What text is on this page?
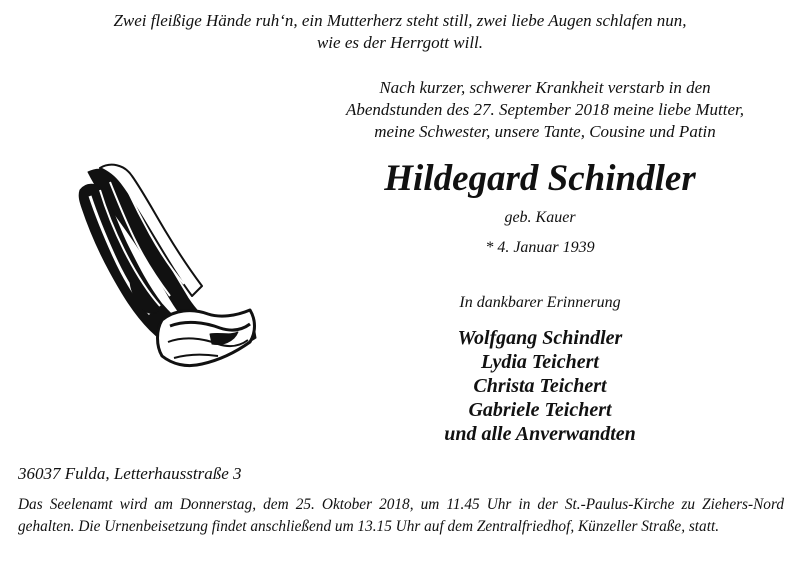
Zwei fleißige Hände ruh‘n, ein Mutterherz steht still, zwei liebe Augen schlafen nun,
wie es der Herrgott will.
Nach kurzer, schwerer Krankheit verstarb in den
Abendstunden des 27. September 2018 meine liebe Mutter,
meine Schwester, unsere Tante, Cousine und Patin
Hildegard Schindler
geb. Kauer
* 4. Januar 1939
In dankbarer Erinnerung
Wolfgang Schindler
Lydia Teichert
Christa Teichert
Gabriele Teichert
und alle Anverwandten
36037 Fulda, Letterhausstraße 3
Das Seelenamt wird am Donnerstag, dem 25. Oktober 2018, um 11.45 Uhr in der St.-Paulus-Kirche zu Ziehers-Nord gehalten. Die Urnenbeisetzung findet anschließend um 13.15 Uhr auf dem Zentralfriedhof, Künzeller Straße, statt.
